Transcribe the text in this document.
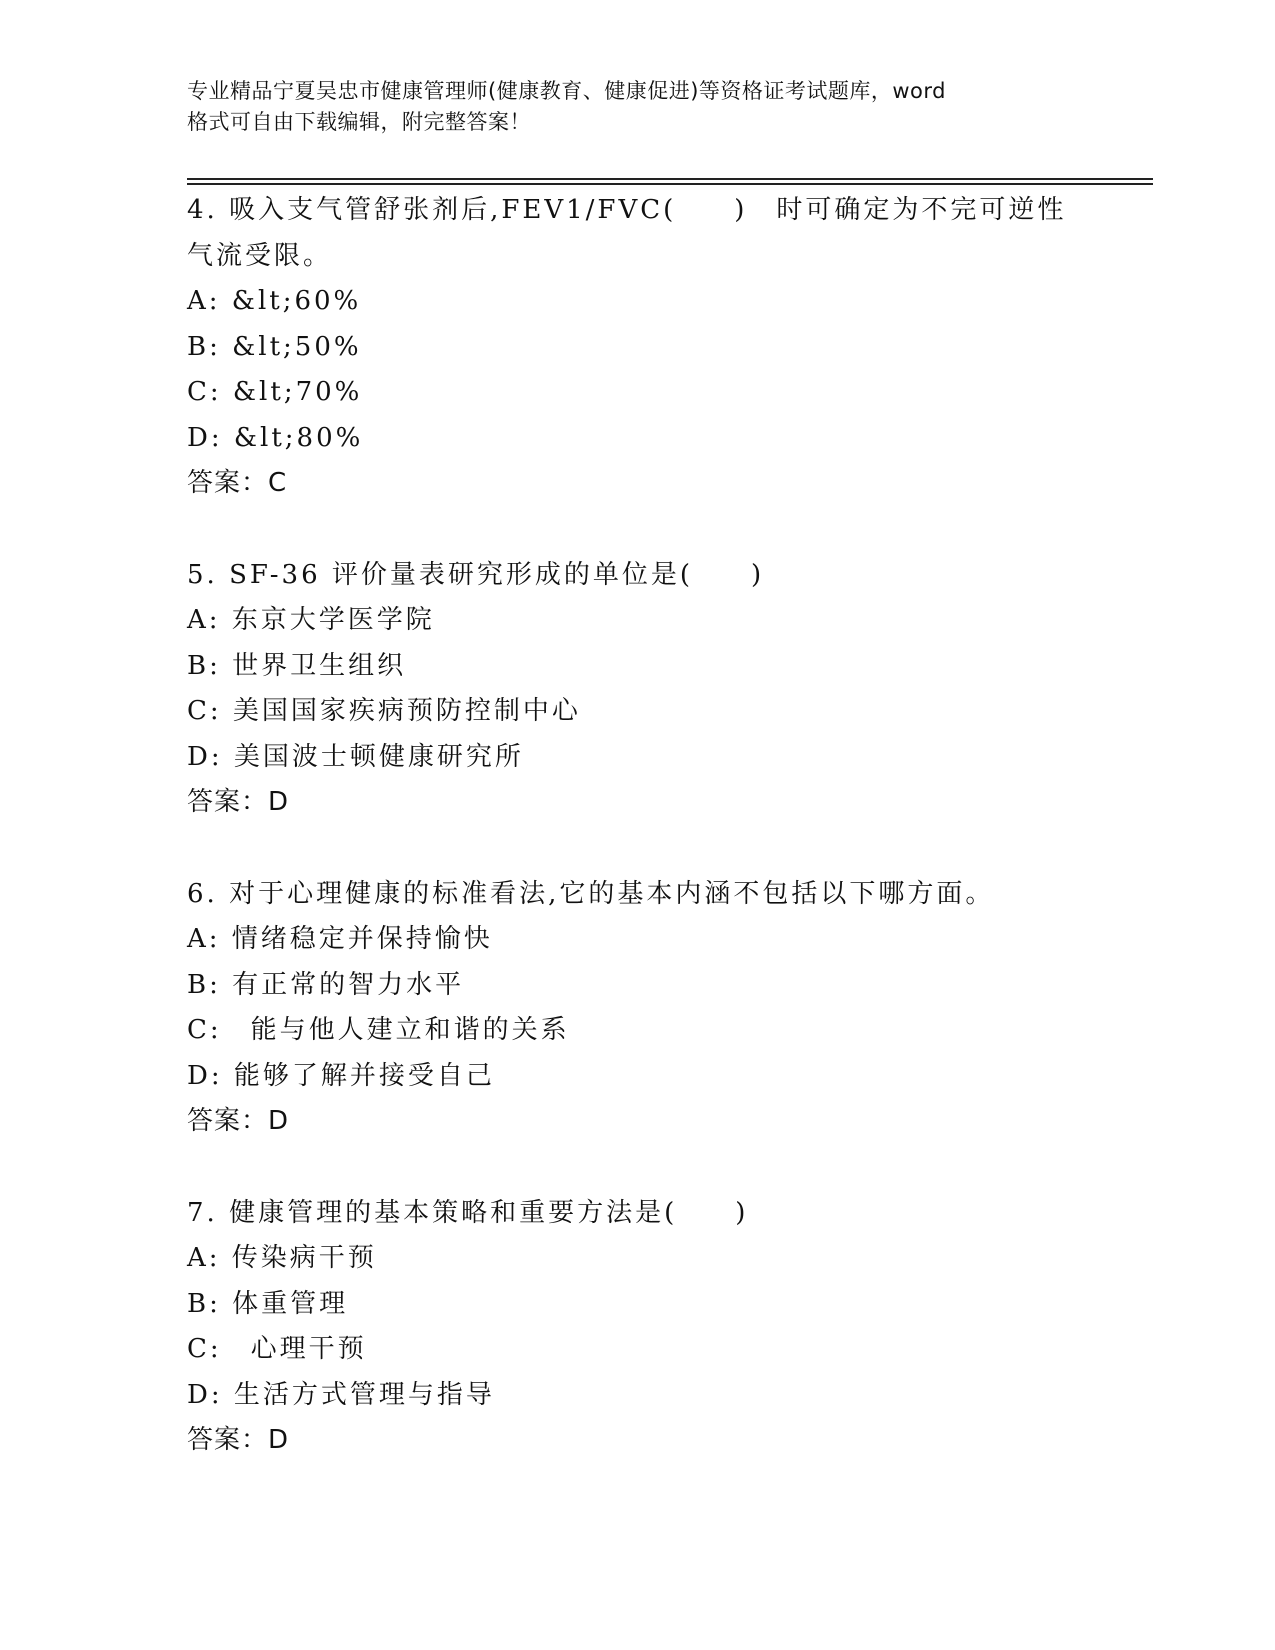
专业精品宁夏吴忠市健康管理师(健康教育、健康促进)等资格证考试题库，word
格式可自由下载编辑，附完整答案！
4. 吸入支气管舒张剂后,FEV1/FVC(　　)　时可确定为不完可逆性气流受限。
A: &lt;60%
B: &lt;50%
C: &lt;70%
D: &lt;80%
答案：C
5. SF-36 评价量表研究形成的单位是(　　)
A: 东京大学医学院
B: 世界卫生组织
C: 美国国家疾病预防控制中心
D: 美国波士顿健康研究所
答案：D
6. 对于心理健康的标准看法,它的基本内涵不包括以下哪方面。
A: 情绪稳定并保持愉快
B: 有正常的智力水平
C:　能与他人建立和谐的关系
D: 能够了解并接受自己
答案：D
7. 健康管理的基本策略和重要方法是(　　)
A: 传染病干预
B: 体重管理
C:　心理干预
D: 生活方式管理与指导
答案：D
